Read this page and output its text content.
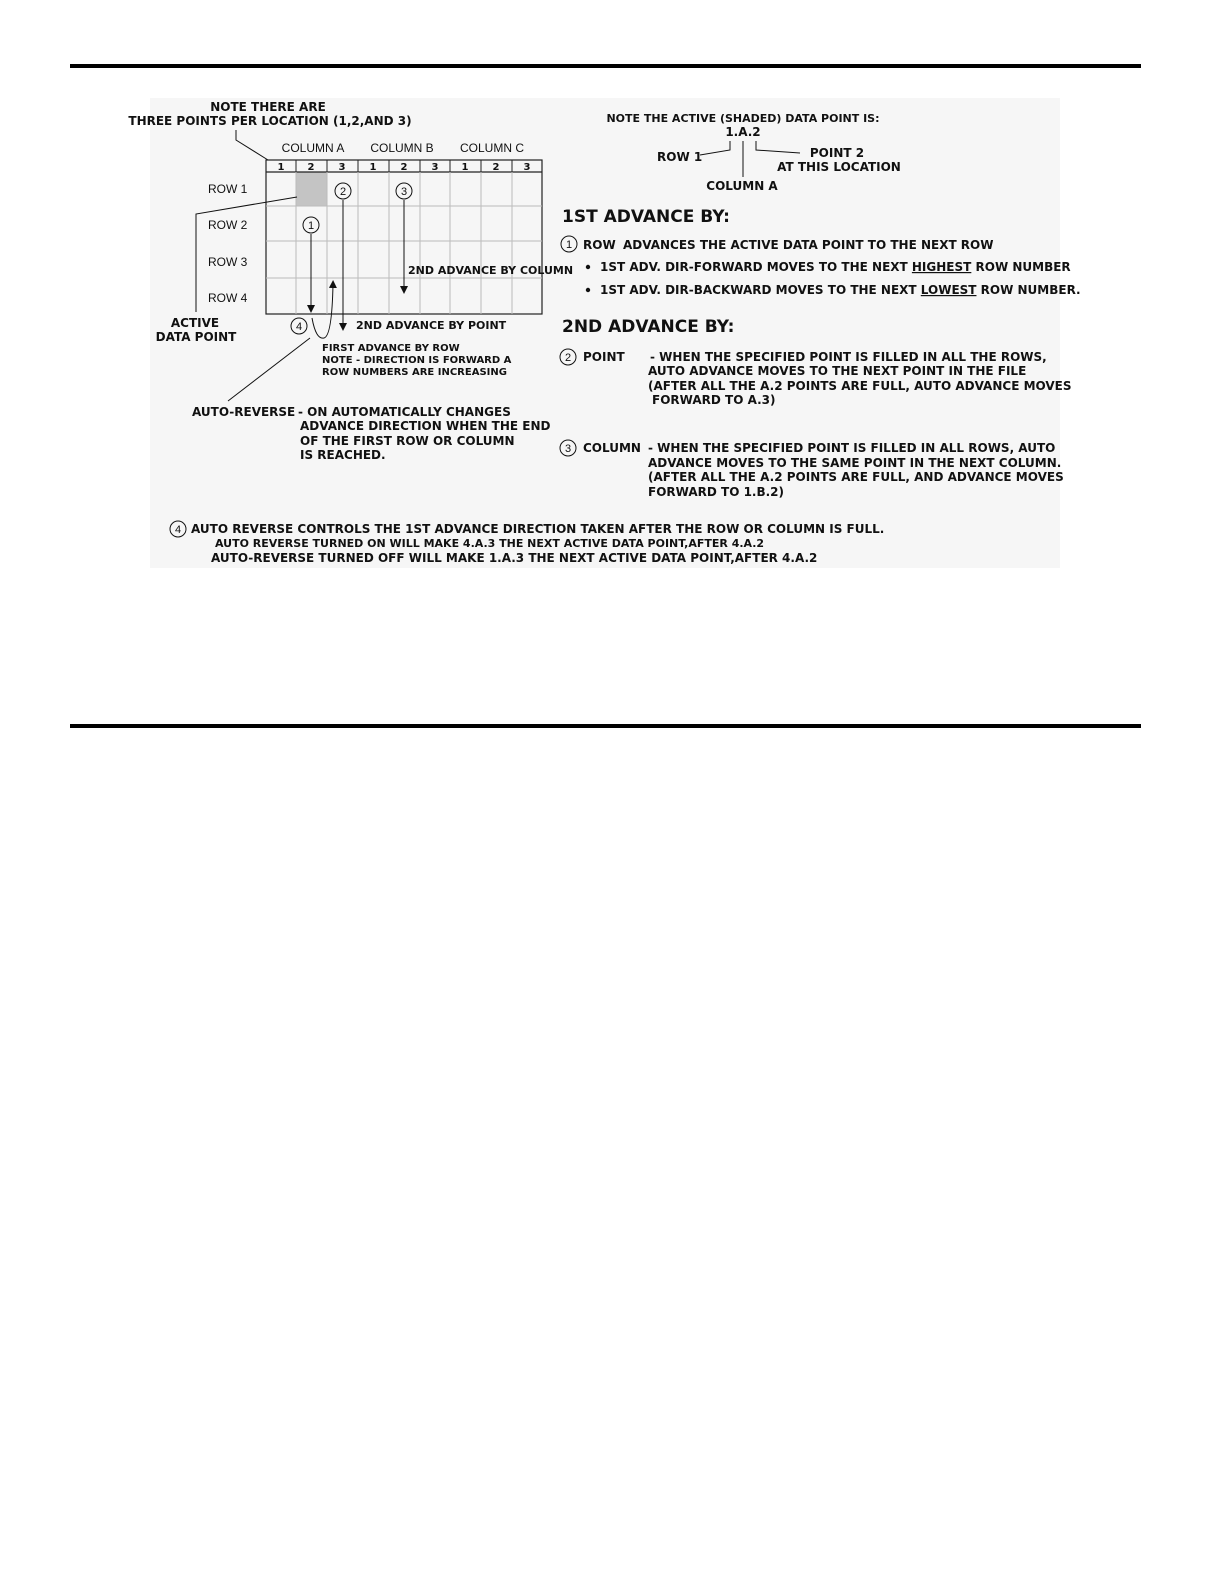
NOTE THERE ARE
THREE POINTS PER LOCATION (1,2,AND 3)
COLUMN A COLUMN B COLUMN C
1 2 3 1 2 3 1 2 3
ROW 1
ROW 2
ROW 3
ROW 4
ACTIVE
DATA POINT
1
2	3
4
2ND ADVANCE BY COLUMN
2ND ADVANCE BY POINT
FIRST ADVANCE BY ROW
NOTE - DIRECTION IS FORWARD A
ROW NUMBERS ARE INCREASING
AUTO-REVERSE - ON AUTOMATICALLY CHANGES
ADVANCE DIRECTION WHEN THE END
OF THE FIRST ROW OR COLUMN
IS REACHED.
NOTE THE ACTIVE (SHADED) DATA POINT IS:
1.A.2
ROW 1	POINT 2
AT THIS LOCATION
COLUMN A
1ST ADVANCE BY:
1 ROW ADVANCES THE ACTIVE DATA POINT TO THE NEXT ROW
1ST ADV. DIR-FORWARD MOVES TO THE NEXT HIGHEST ROW NUMBER
1ST ADV. DIR-BACKWARD MOVES TO THE NEXT LOWEST ROW NUMBER.
2ND ADVANCE BY:
2 POINT - WHEN THE SPECIFIED POINT IS FILLED IN ALL THE ROWS,
AUTO ADVANCE MOVES TO THE NEXT POINT IN THE FILE
(AFTER ALL THE A.2 POINTS ARE FULL, AUTO ADVANCE MOVES
FORWARD TO A.3)
3 COLUMN - WHEN THE SPECIFIED POINT IS FILLED IN ALL ROWS, AUTO
ADVANCE MOVES TO THE SAME POINT IN THE NEXT COLUMN.
(AFTER ALL THE A.2 POINTS ARE FULL, AND ADVANCE MOVES
FORWARD TO 1.B.2)
4 AUTO REVERSE CONTROLS THE 1ST ADVANCE DIRECTION TAKEN AFTER THE ROW OR COLUMN IS FULL.
AUTO REVERSE TURNED ON WILL MAKE 4.A.3 THE NEXT ACTIVE DATA POINT,AFTER 4.A.2
AUTO-REVERSE TURNED OFF WILL MAKE 1.A.3 THE NEXT ACTIVE DATA POINT,AFTER 4.A.2
